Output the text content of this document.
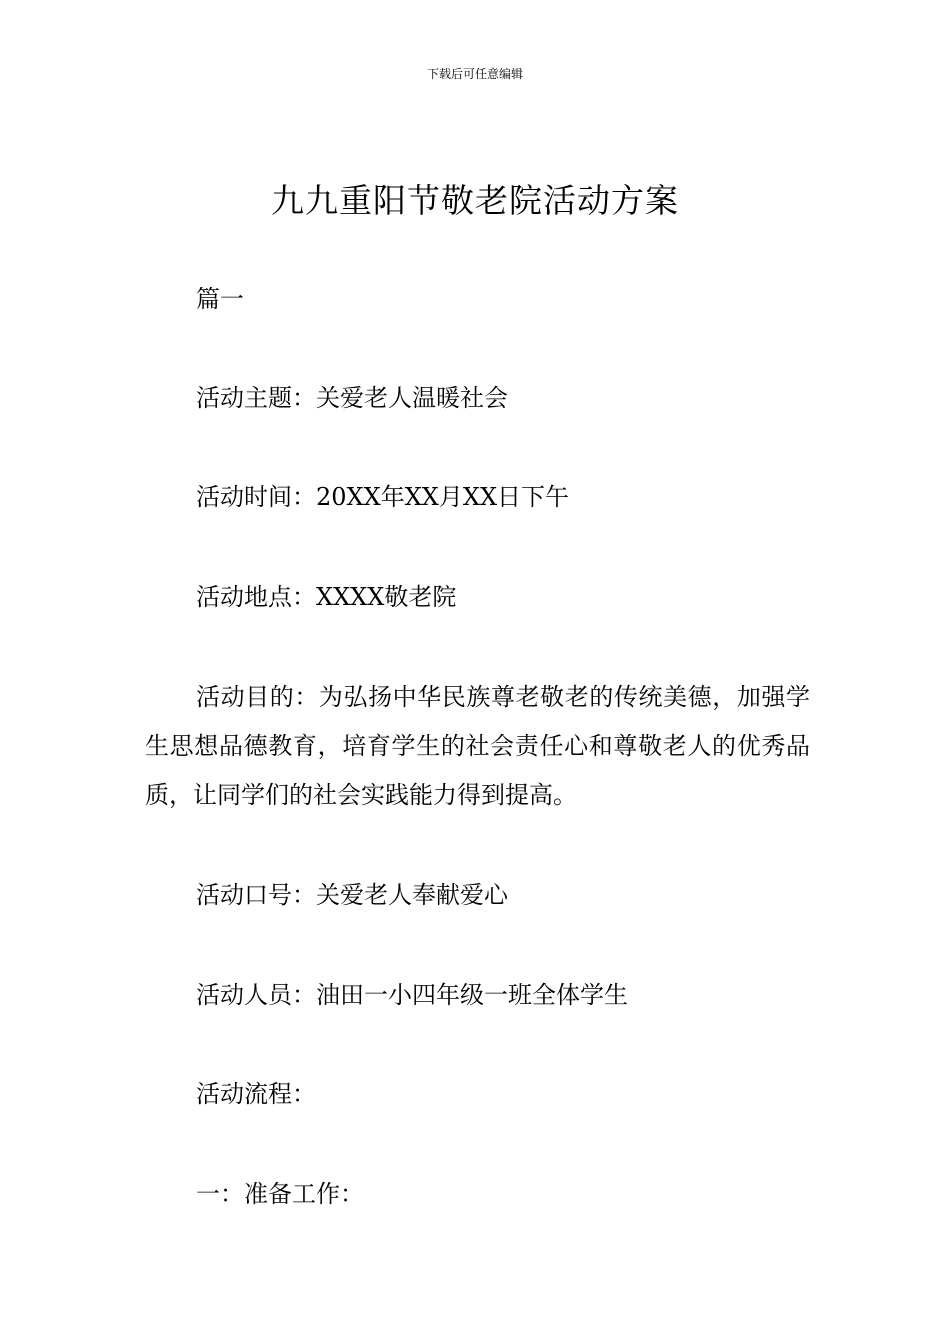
下载后可任意编辑
九九重阳节敬老院活动方案

篇一

活动主题：关爱老人温暖社会

活动时间：20XX年XX月XX日下午

活动地点：XXXX敬老院

活动目的：为弘扬中华民族尊老敬老的传统美德，加强学生思想品德教育，培育学生的社会责任心和尊敬老人的优秀品质，让同学们的社会实践能力得到提高。

活动口号：关爱老人奉献爱心

活动人员：油田一小四年级一班全体学生

活动流程：

一：准备工作：
